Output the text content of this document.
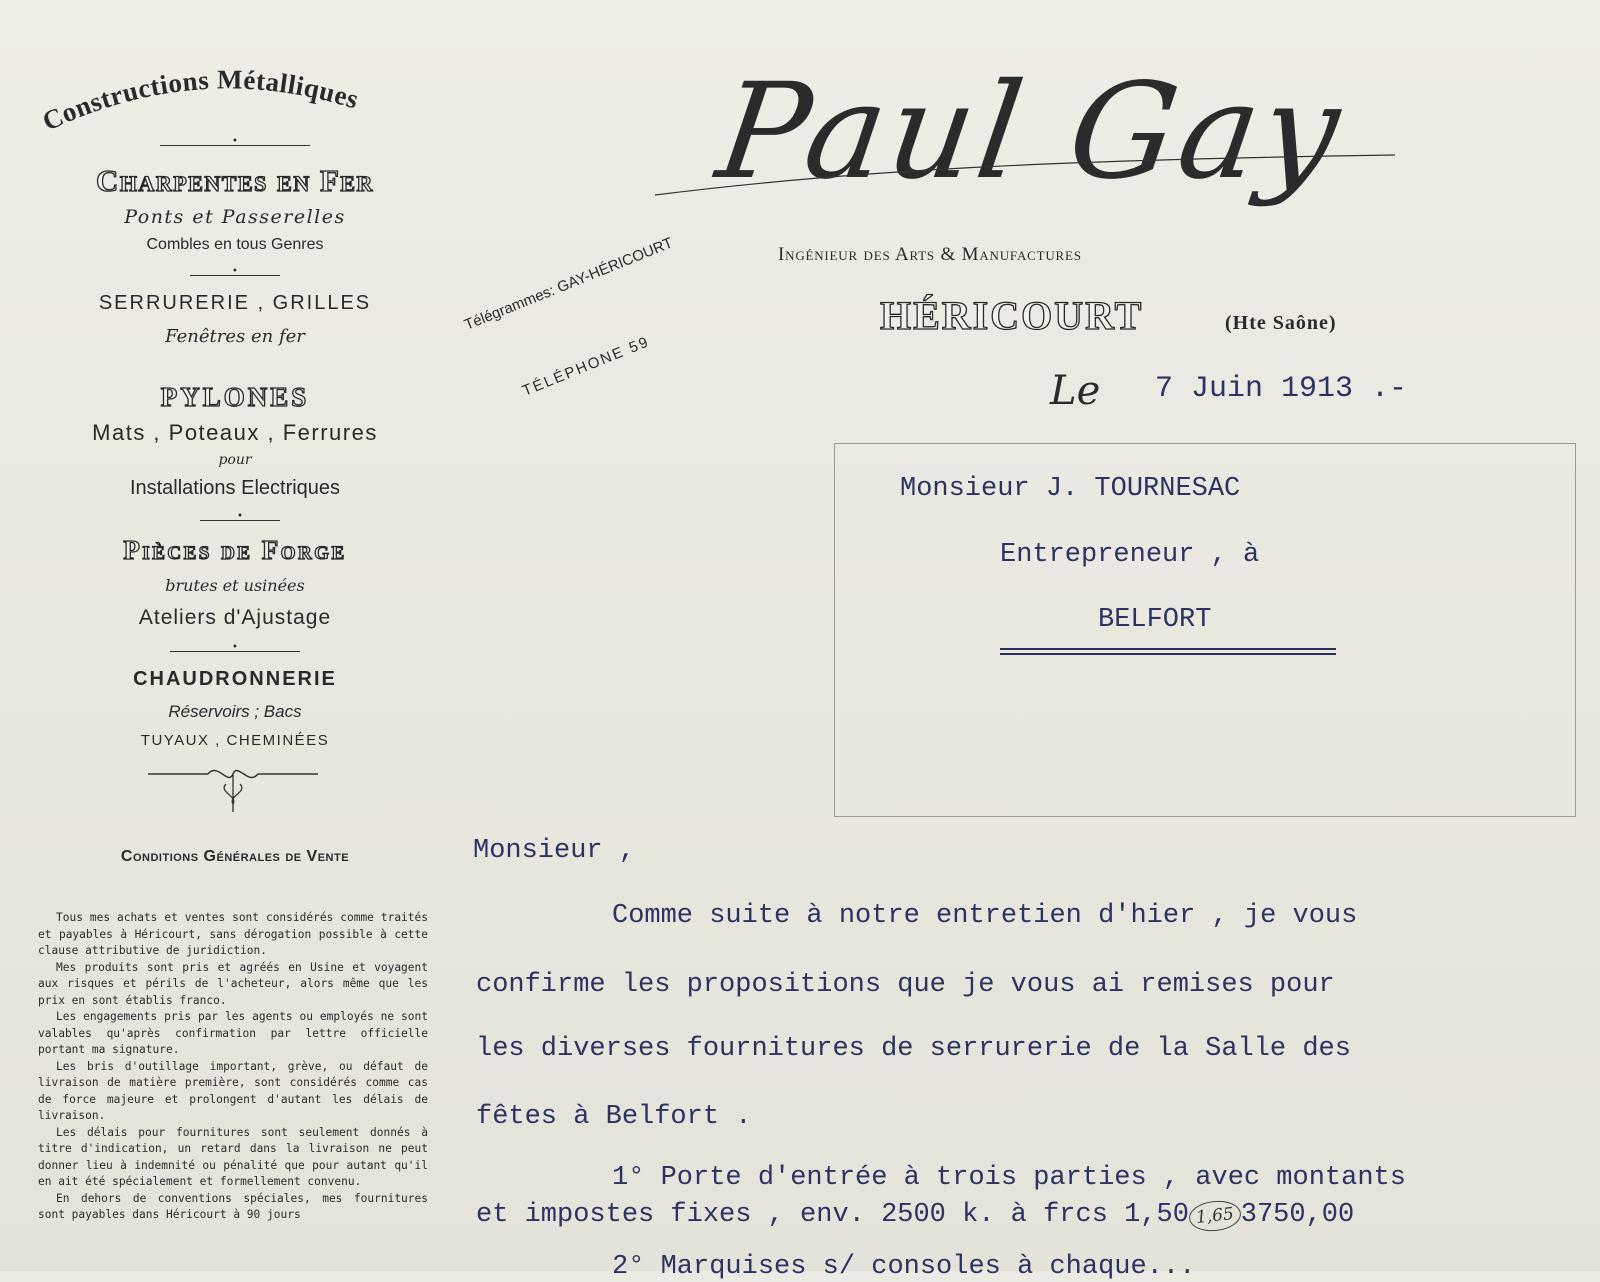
Constructions Métalliques
•
Charpentes en Fer
Ponts et Passerelles
Combles en tous Genres
•
SERRURERIE , GRILLES
Fenêtres en fer
PYLONES
Mats , Poteaux , Ferrures
pour
Installations Electriques
•
Pièces de Forge
brutes et usinées
Ateliers d'Ajustage
•
CHAUDRONNERIE
Réservoirs ; Bacs
TUYAUX , CHEMINÉES
Conditions Générales de Vente

Tous mes achats et ventes sont considérés comme traités et payables à Héricourt, sans dérogation possible à cette clause attributive de juridiction.

Mes produits sont pris et agréés en Usine et voyagent aux risques et périls de l'acheteur, alors même que les prix en sont établis franco.

Les engagements pris par les agents ou employés ne sont valables qu'après confirmation par lettre officielle portant ma signature.

Les bris d'outillage important, grève, ou défaut de livraison de matière première, sont considérés comme cas de force majeure et prolongent d'autant les délais de livraison.

Les délais pour fournitures sont seulement donnés à titre d'indication, un retard dans la livraison ne peut donner lieu à indemnité ou pénalité que pour autant qu'il en ait été spécialement et formellement convenu.

En dehors de conventions spéciales, mes fournitures sont payables dans Héricourt à 90 jours

Télégrammes: GAY-HÉRICOURT
TÉLÉPHONE 59
Paul Gay
Ingénieur des Arts & Manufactures
HÉRICOURT	(Hte Saône)
Le 7 Juin 1913 .-
Monsieur J. TOURNESAC
Entrepreneur , à
BELFORT
Monsieur ,
Comme suite à notre entretien d'hier , je vous
confirme les propositions que je vous ai remises pour
les diverses fournitures de serrurerie de la Salle des
fêtes à Belfort .
1° Porte d'entrée à trois parties , avec montants
et impostes fixes , env. 2500 k. à frcs 1,50 1,65 3750,00
2° Marquises s/ consoles à chaque...
